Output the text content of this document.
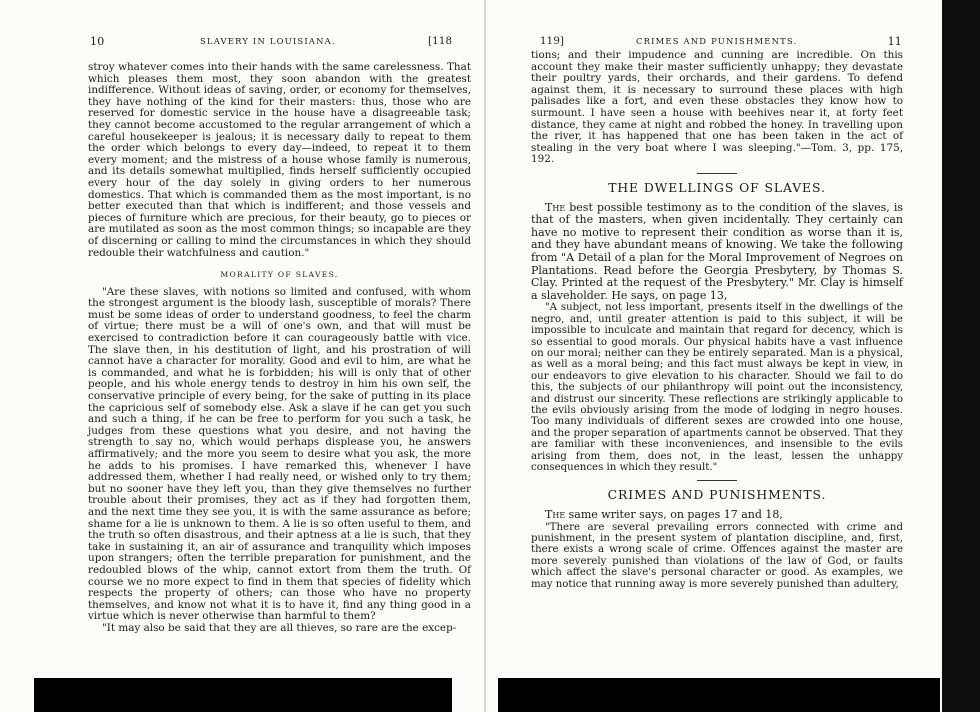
10	SLAVERY IN LOUISIANA.	[118	119]	CRIMES AND PUNISHMENTS.	11

stroy whatever comes into their hands with the same carelessness. That which pleases them most, they soon abandon with the greatest indifference. Without ideas of saving, order, or economy for themselves, they have nothing of the kind for their masters: thus, those who are reserved for domestic service in the house have a disagreeable task; they cannot become accustomed to the regular arrangement of which a careful housekeeper is jealous; it is necessary daily to repeat to them the order which belongs to every day—indeed, to repeat it to them every moment; and the mistress of a house whose family is numerous, and its details somewhat multiplied, finds herself sufficiently occupied every hour of the day solely in giving orders to her numerous domestics. That which is commanded them as the most important, is no better executed than that which is indifferent; and those vessels and pieces of furniture which are precious, for their beauty, go to pieces or are mutilated as soon as the most common things; so incapable are they of discerning or calling to mind the circumstances in which they should redouble their watchfulness and caution."

MORALITY OF SLAVES.

"Are these slaves, with notions so limited and confused, with whom the strongest argument is the bloody lash, susceptible of morals? There must be some ideas of order to understand goodness, to feel the charm of virtue; there must be a will of one's own, and that will must be exercised to contradiction before it can courageously battle with vice. The slave then, in his destitution of light, and his prostration of will cannot have a character for morality. Good and evil to him, are what he is commanded, and what he is forbidden; his will is only that of other people, and his whole energy tends to destroy in him his own self, the conservative principle of every being, for the sake of putting in its place the capricious self of somebody else. Ask a slave if he can get you such and such a thing, if he can be free to perform for you such a task, he judges from these questions what you desire, and not having the strength to say no, which would perhaps displease you, he answers affirmatively; and the more you seem to desire what you ask, the more he adds to his promises. I have remarked this, whenever I have addressed them, whether I had really need, or wished only to try them; but no sooner have they left you, than they give themselves no further trouble about their promises, they act as if they had forgotten them, and the next time they see you, it is with the same assurance as before; shame for a lie is unknown to them. A lie is so often useful to them, and the truth so often disastrous, and their aptness at a lie is such, that they take in sustaining it, an air of assurance and tranquility which imposes upon strangers; often the terrible preparation for punishment, and the redoubled blows of the whip, cannot extort from them the truth. Of course we no more expect to find in them that species of fidelity which respects the property of others; can those who have no property themselves, and know not what it is to have it, find any thing good in a virtue which is never otherwise than harmful to them?

"It may also be said that they are all thieves, so rare are the excep-

tions; and their impudence and cunning are incredible. On this account they make their master sufficiently unhappy; they devastate their poultry yards, their orchards, and their gardens. To defend against them, it is necessary to surround these places with high palisades like a fort, and even these obstacles they know how to surmount. I have seen a house with beehives near it, at forty feet distance, they came at night and robbed the honey. In travelling upon the river, it has happened that one has been taken in the act of stealing in the very boat where I was sleeping."—Tom. 3, pp. 175, 192.

THE DWELLINGS OF SLAVES.

The best possible testimony as to the condition of the slaves, is that of the masters, when given incidentally. They certainly can have no motive to represent their condition as worse than it is, and they have abundant means of knowing. We take the following from "A Detail of a plan for the Moral Improvement of Negroes on Plantations. Read before the Georgia Presbytery, by Thomas S. Clay. Printed at the request of the Presbytery." Mr. Clay is himself a slaveholder. He says, on page 13,

"A subject, not less important, presents itself in the dwellings of the negro, and, until greater attention is paid to this subject, it will be impossible to inculcate and maintain that regard for decency, which is so essential to good morals. Our physical habits have a vast influence on our moral; neither can they be entirely separated. Man is a physical, as well as a moral being; and this fact must always be kept in view, in our endeavors to give elevation to his character. Should we fail to do this, the subjects of our philanthropy will point out the inconsistency, and distrust our sincerity. These reflections are strikingly applicable to the evils obviously arising from the mode of lodging in negro houses. Too many individuals of different sexes are crowded into one house, and the proper separation of apartments cannot be observed. That they are familiar with these inconveniences, and insensible to the evils arising from them, does not, in the least, lessen the unhappy consequences in which they result."

CRIMES AND PUNISHMENTS.

The same writer says, on pages 17 and 18,

"There are several prevailing errors connected with crime and punishment, in the present system of plantation discipline, and, first, there exists a wrong scale of crime. Offences against the master are more severely punished than violations of the law of God, or faults which affect the slave's personal character or good. As examples, we may notice that running away is more severely punished than adultery,
